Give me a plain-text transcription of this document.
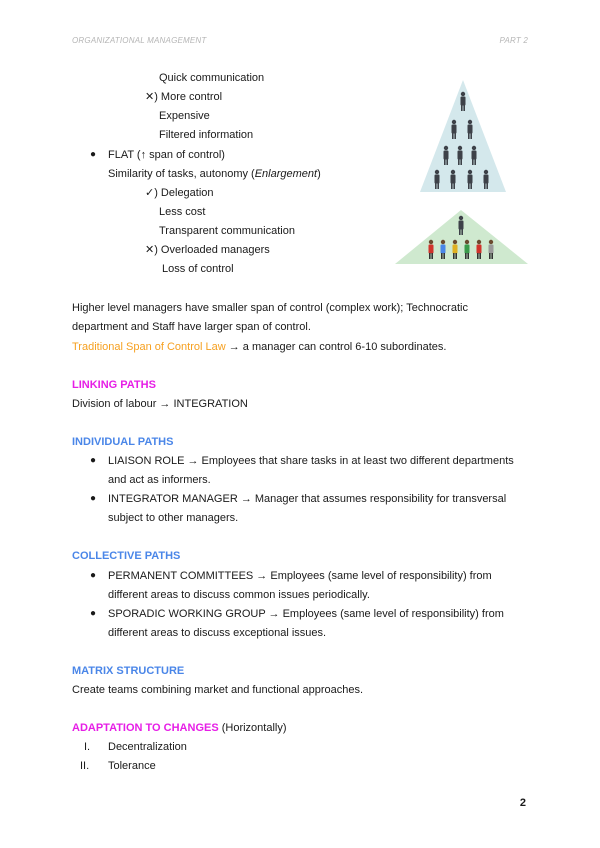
ORGANIZATIONAL MANAGEMENT	PART 2
Quick communication
✕) More control
Expensive
Filtered information
● FLAT (↑ span of control)
Similarity of tasks, autonomy (Enlargement)
✓) Delegation
Less cost
Transparent communication
✕) Overloaded managers
Loss of control
Higher level managers have smaller span of control (complex work); Technocratic
department and Staff have larger span of control.
Traditional Span of Control Law → a manager can control 6-10 subordinates.
LINKING PATHS
Division of labour → INTEGRATION
INDIVIDUAL PATHS
● LIAISON ROLE → Employees that share tasks in at least two different departments
and act as informers.
● INTEGRATOR MANAGER → Manager that assumes responsibility for transversal
subject to other managers.
COLLECTIVE PATHS
● PERMANENT COMMITTEES → Employees (same level of responsibility) from
different areas to discuss common issues periodically.
● SPORADIC WORKING GROUP → Employees (same level of responsibility) from
different areas to discuss exceptional issues.
MATRIX STRUCTURE
Create teams combining market and functional approaches.
ADAPTATION TO CHANGES (Horizontally)
I. Decentralization
II. Tolerance
2
